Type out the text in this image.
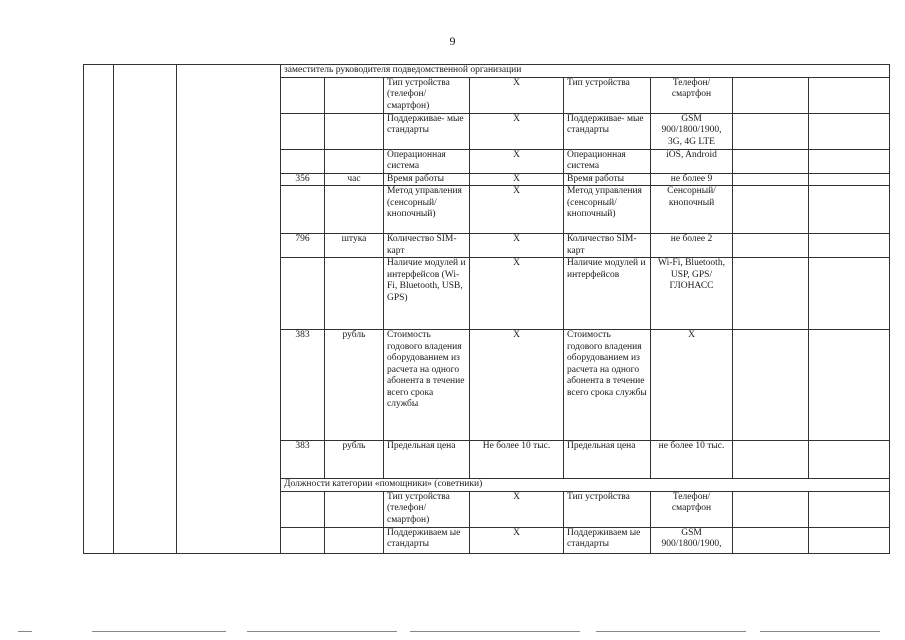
9
			заместитель руководителя подведомственной организации							
					Тип устройства (телефон/ смартфон)	X	Тип устройства	Телефон/ смартфон		
					Поддерживае- мые стандарты	X	Поддерживае- мые стандарты	GSM 900/1800/1900, 3G, 4G LTE		
					Операционная система	X	Операционная система	iOS, Android		
			356	час	Время работы	X	Время работы	не более 9		
					Метод управления (сенсорный/ кнопочный)	X	Метод управления (сенсорный/ кнопочный)	Сенсорный/ кнопочный		
			796	штука	Количество SIM-карт	X	Количество SIM-карт	не более 2		
					Наличие модулей и интерфейсов (Wi-Fi, Bluetooth, USB, GPS)	X	Наличие модулей и интерфейсов	Wi-Fi, Bluetooth, USP, GPS/ ГЛОНАСС		
			383	рубль	Стоимость годового владения оборудованием из расчета на одного абонента в течение всего срока службы	X	Стоимость годового владения оборудованием из расчета на одного абонента в течение всего срока службы	X		
			383	рубль	Предельная цена	Не более 10 тыс.	Предельная цена	не более 10 тыс.		
			Должности категории «помощники» (советники)							
					Тип устройства (телефон/ смартфон)	X	Тип устройства	Телефон/ смартфон		
					Поддерживаем ые стандарты	X	Поддерживаем ые стандарты	GSM 900/1800/1900,		
